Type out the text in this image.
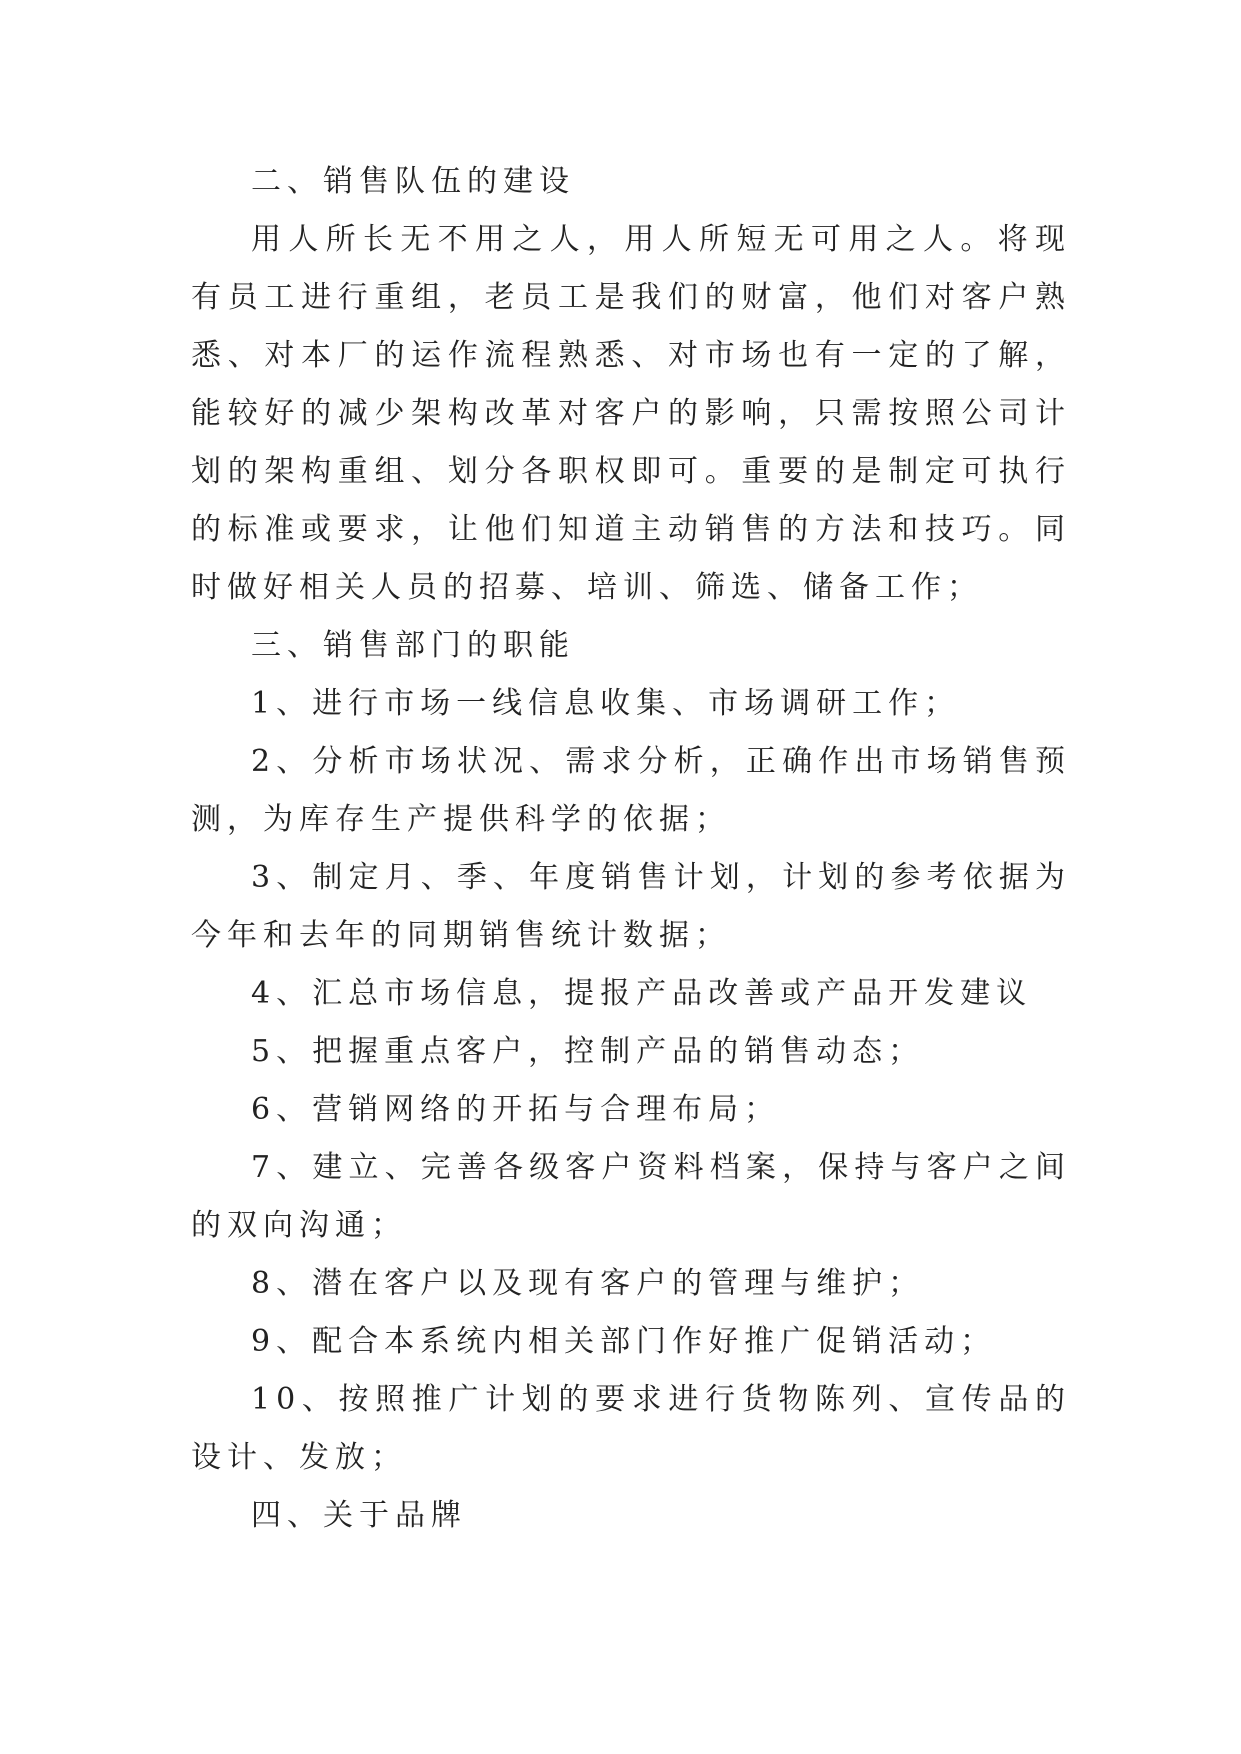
二、销售队伍的建设

用人所长无不用之人，用人所短无可用之人。将现有员工进行重组，老员工是我们的财富，他们对客户熟悉、对本厂的运作流程熟悉、对市场也有一定的了解，能较好的减少架构改革对客户的影响，只需按照公司计划的架构重组、划分各职权即可。重要的是制定可执行的标准或要求，让他们知道主动销售的方法和技巧。同时做好相关人员的招募、培训、筛选、储备工作；

三、销售部门的职能

1、进行市场一线信息收集、市场调研工作；

2、分析市场状况、需求分析，正确作出市场销售预测，为库存生产提供科学的依据；

3、制定月、季、年度销售计划，计划的参考依据为今年和去年的同期销售统计数据；

4、汇总市场信息，提报产品改善或产品开发建议

5、把握重点客户，控制产品的销售动态；

6、营销网络的开拓与合理布局；

7、建立、完善各级客户资料档案，保持与客户之间的双向沟通；

8、潜在客户以及现有客户的管理与维护；

9、配合本系统内相关部门作好推广促销活动；

10、按照推广计划的要求进行货物陈列、宣传品的设计、发放；

四、关于品牌
